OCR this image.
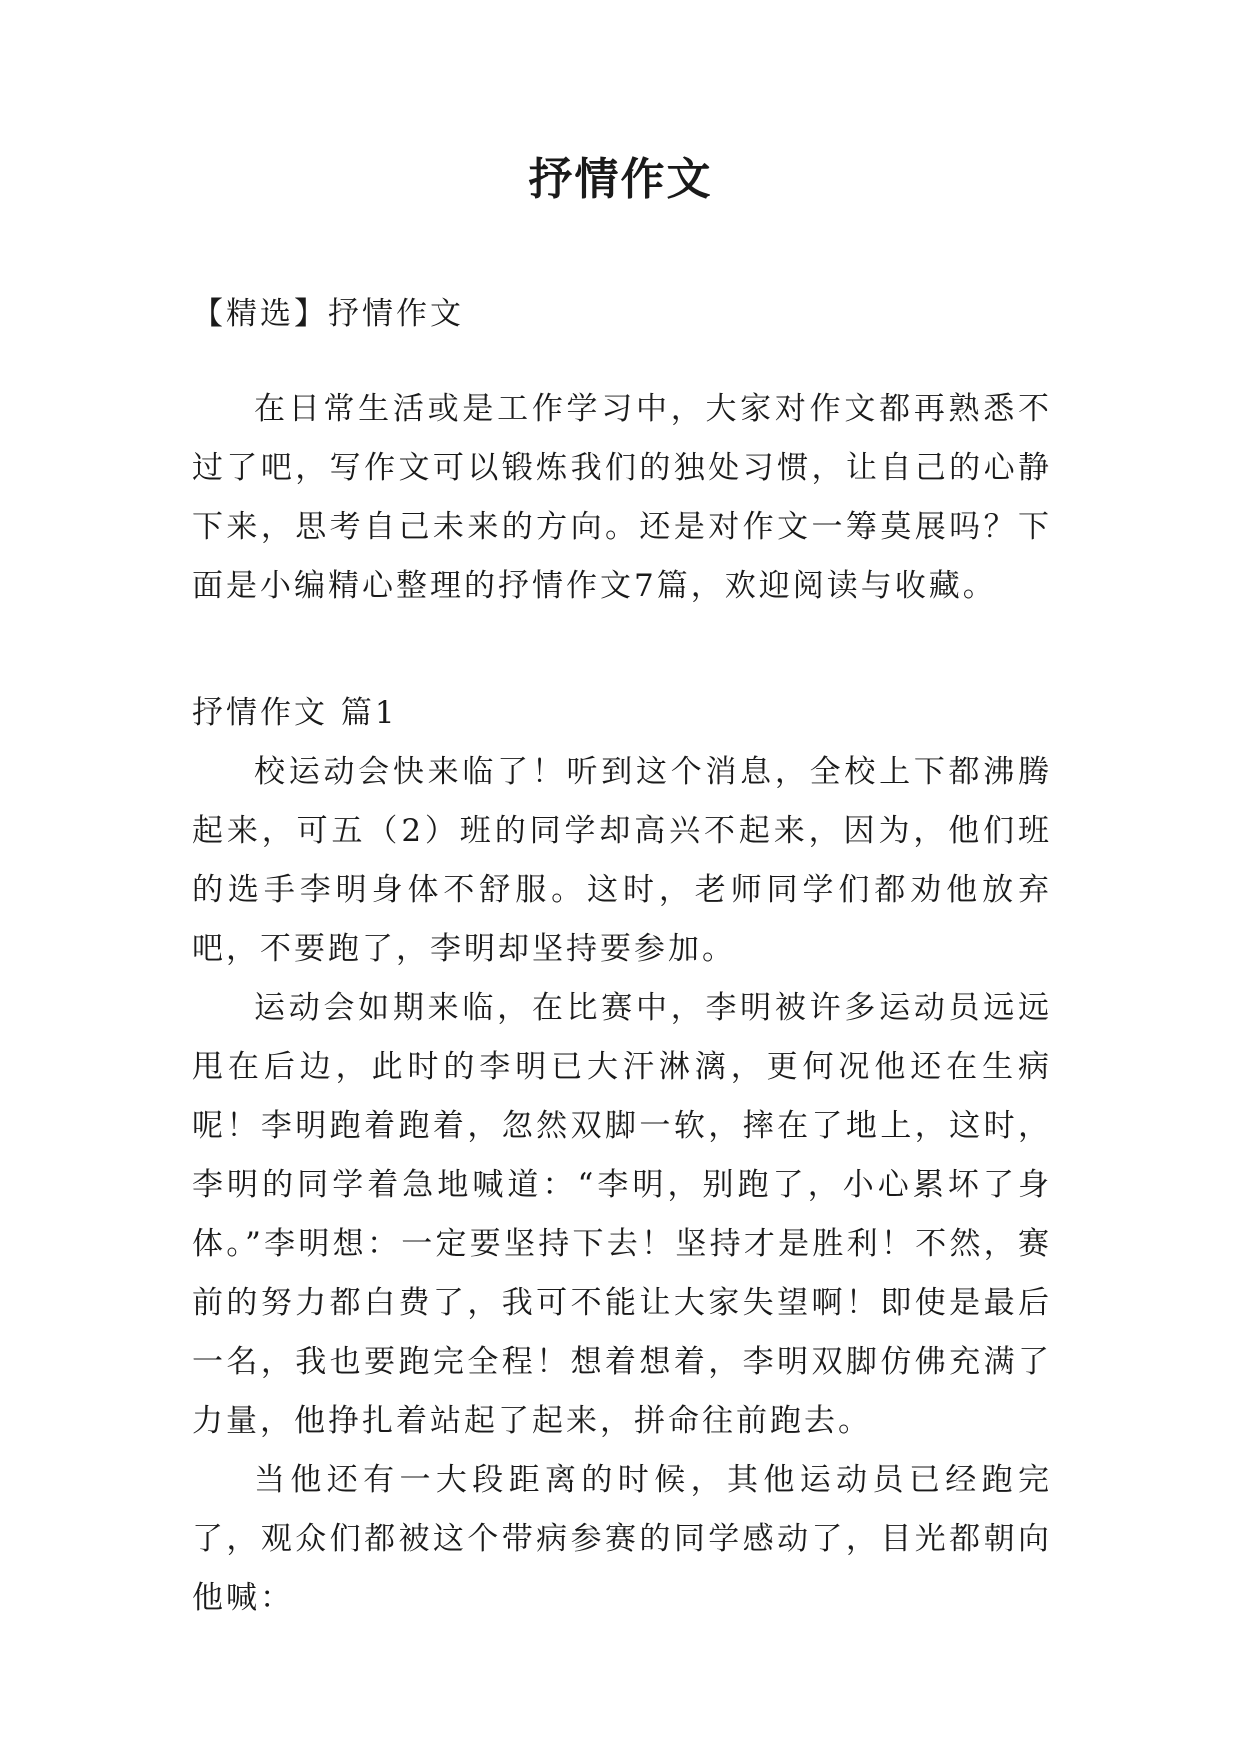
抒情作文

【精选】抒情作文

在日常生活或是工作学习中，大家对作文都再熟悉不过了吧，写作文可以锻炼我们的独处习惯，让自己的心静下来，思考自己未来的方向。还是对作文一筹莫展吗？下面是小编精心整理的抒情作文7篇，欢迎阅读与收藏。

抒情作文 篇1

校运动会快来临了！听到这个消息，全校上下都沸腾起来，可五（2）班的同学却高兴不起来，因为，他们班的选手李明身体不舒服。这时，老师同学们都劝他放弃吧，不要跑了，李明却坚持要参加。

运动会如期来临，在比赛中，李明被许多运动员远远甩在后边，此时的李明已大汗淋漓，更何况他还在生病呢！李明跑着跑着，忽然双脚一软，摔在了地上，这时，李明的同学着急地喊道：“李明，别跑了，小心累坏了身体。”李明想：一定要坚持下去！坚持才是胜利！不然，赛前的努力都白费了，我可不能让大家失望啊！即使是最后一名，我也要跑完全程！想着想着，李明双脚仿佛充满了力量，他挣扎着站起了起来，拼命往前跑去。

当他还有一大段距离的时候，其他运动员已经跑完了，观众们都被这个带病参赛的同学感动了，目光都朝向他喊：
